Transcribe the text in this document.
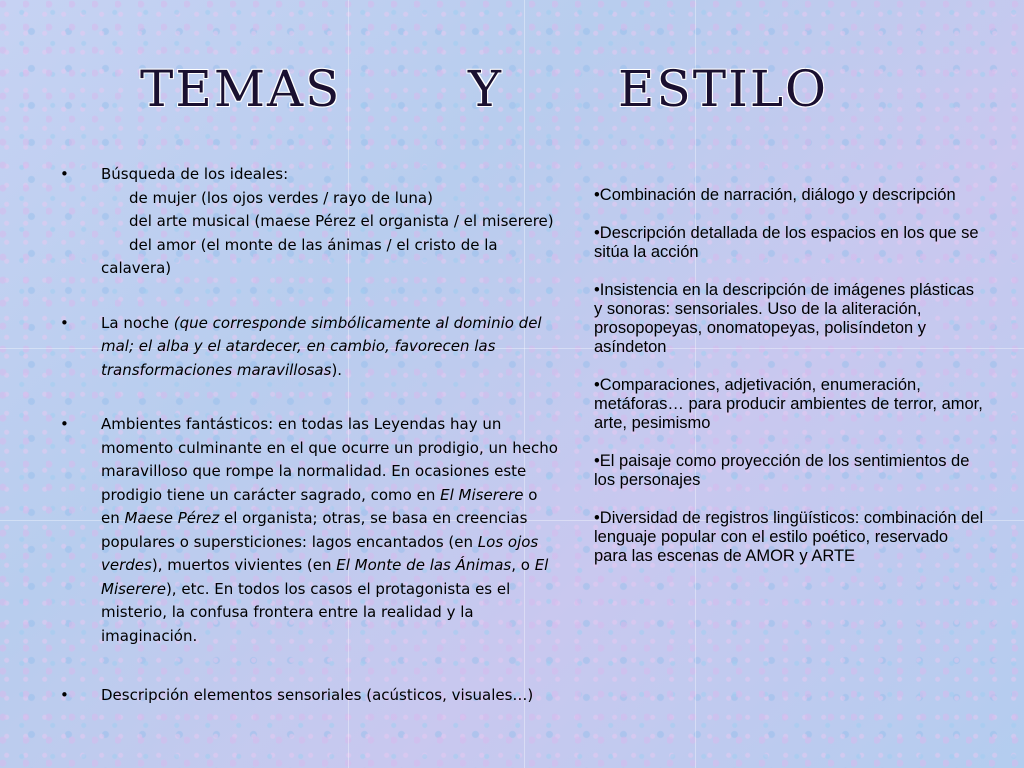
TEMAS	Y ESTILO
• Búsqueda de los ideales:
de mujer (los ojos verdes / rayo de luna)
del arte musical (maese Pérez el organista / el miserere)
del amor (el monte de las ánimas / el cristo de la calavera)
• La noche (que corresponde simbólicamente al dominio del mal; el alba y el atardecer, en cambio, favorecen las transformaciones maravillosas).
• Ambientes fantásticos: en todas las Leyendas hay un momento culminante en el que ocurre un prodigio, un hecho maravilloso que rompe la normalidad. En ocasiones este prodigio tiene un carácter sagrado, como en El Miserere o en Maese Pérez el organista; otras, se basa en creencias populares o supersticiones: lagos encantados (en Los ojos verdes), muertos vivientes (en El Monte de las Ánimas, o El Miserere), etc. En todos los casos el protagonista es el misterio, la confusa frontera entre la realidad y la imaginación.
• Descripción elementos sensoriales (acústicos, visuales…)

•Combinación de narración, diálogo y descripción

•Descripción detallada de los espacios en los que se sitúa la acción

•Insistencia en la descripción de imágenes plásticas y sonoras: sensoriales. Uso de la aliteración, prosopopeyas, onomatopeyas, polisíndeton y asíndeton

•Comparaciones, adjetivación, enumeración, metáforas… para producir ambientes de terror, amor, arte, pesimismo

•El paisaje como proyección de los sentimientos de los personajes

•Diversidad de registros lingüísticos: combinación del lenguaje popular con el estilo poético, reservado para las escenas de AMOR y ARTE
